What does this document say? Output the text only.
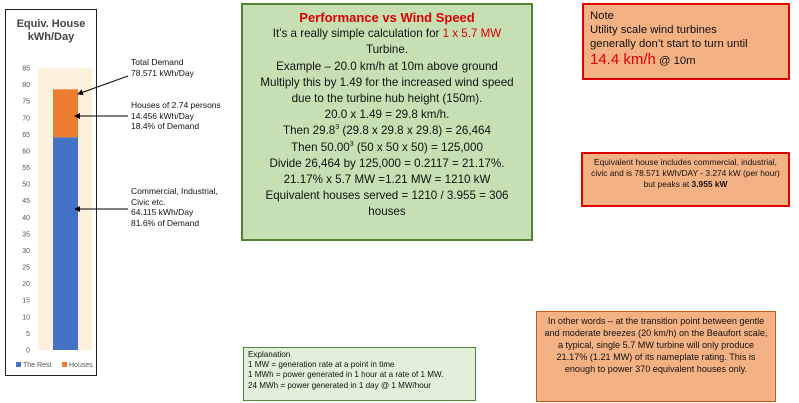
0
5
10
15
20
25
30
35
40
45
50
55
60
65
70
75
80
85
The Rest	Houses
Equiv. House kWh/Day
Total Demand
78.571 kWh/Day
Houses of 2.74 persons
14.456 kWh/Day
18.4% of Demand
Commercial, Industrial,
Civic etc.
64.115 kWh/Day
81.6% of Demand
Performance vs Wind Speed
It’s a really simple calculation for 1 x 5.7 MW
Turbine.
Example – 20.0 km/h at 10m above ground
Multiply this by 1.49 for the increased wind speed
due to the turbine hub height (150m).
20.0 x 1.49 = 29.8 km/h.
Then 29.8$^3$ (29.8 x 29.8 x 29.8) = 26,464
Then 50.00$^3$ (50 x 50 x 50) = 125,000
Divide 26,464 by 125,000 = 0.2117 = 21.17%.
21.17% x 5.7 MW =1.21 MW = 1210 kW
Equivalent houses served = 1210 / 3.955 = 306
houses
Note
Utility scale wind turbines
generally don’t start to turn until
14.4 km/h @ 10m
Equivalent house includes commercial, industrial, civic and is 78.571 kWh/DAY - 3.274 kW (per hour) but peaks at 3.955 kW
In other words – at the transition point between gentle and moderate breezes (20 km/h) on the Beaufort scale, a typical, single 5.7 MW turbine will only produce 21.17% (1.21 MW) of its nameplate rating. This is enough to power 370 equivalent houses only.
Explanation
1 MW = generation rate at a point in time
1 MWh = power generated in 1 hour at a rate of 1 MW.
24 MWh = power generated in 1 day @ 1 MW/hour
